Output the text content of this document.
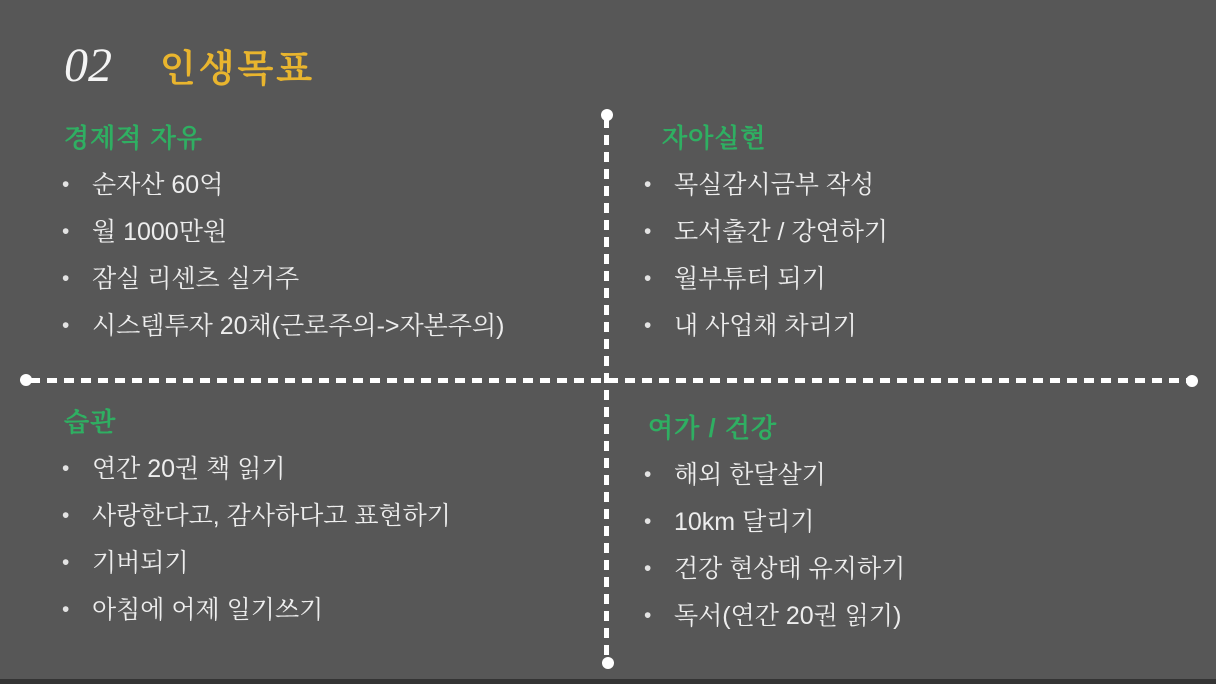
02 인생목표
경제적 자유
• 순자산 60억
• 월 1000만원
• 잠실 리센츠 실거주
• 시스템투자 20채(근로주의->자본주의)
자아실현
• 목실감시금부 작성
• 도서출간 / 강연하기
• 월부튜터 되기
• 내 사업채 차리기
습관
• 연간 20권 책 읽기
• 사랑한다고, 감사하다고 표현하기
• 기버되기
• 아침에 어제 일기쓰기
여가 / 건강
• 해외 한달살기
• 10km 달리기
• 건강 현상태 유지하기
• 독서(연간 20권 읽기)
